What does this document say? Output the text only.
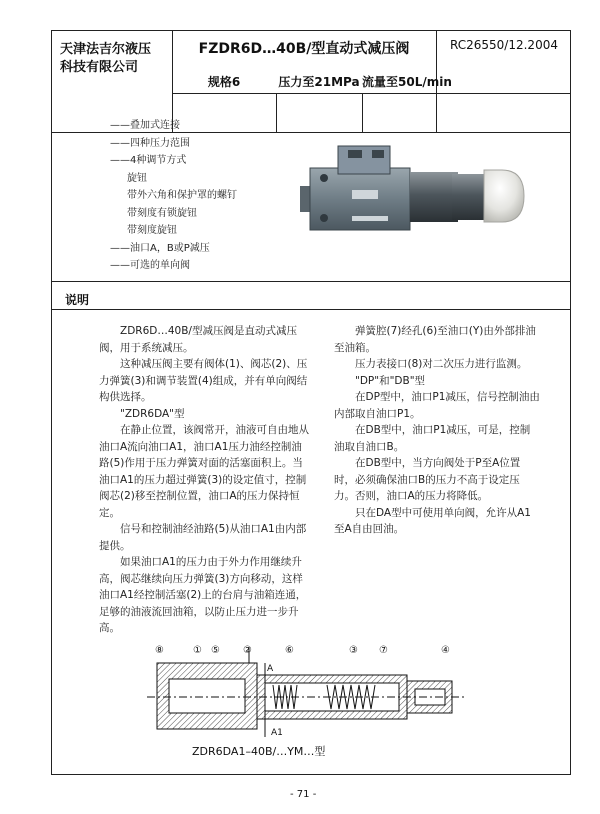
天津法吉尔液压
科技有限公司
FZDR6D…40B/型直动式减压阀	RC26550/12.2004
规格6	压力至21MPa 流量至50L/min
——叠加式连接
——四种压力范围
——4种调节方式
旋钮
带外六角和保护罩的螺钉
带刻度有锁旋钮
带刻度旋钮
——油口A，B或P减压
——可选的单向阀
说明

ZDR6D…40B/型减压阀是直动式减压阀，用于系统减压。

这种减压阀主要有阀体(1)、阀芯(2)、压力弹簧(3)和调节装置(4)组成，并有单向阀结构供选择。

"ZDR6DA"型

在静止位置，该阀常开，油液可自由地从油口A流向油口A1，油口A1压力油经控制油路(5)作用于压力弹簧对面的活塞面积上。当油口A1的压力超过弹簧(3)的设定值寸，控制阀芯(2)移至控制位置，油口A的压力保持恒定。

信号和控制油经油路(5)从油口A1由内部提供。

如果油口A1的压力由于外力作用继续升高，阀芯继续向压力弹簧(3)方向移动，这样油口A1经控制活塞(2)上的台肩与油箱连通，足够的油液流回油箱，以防止压力进一步升高。

弹簧腔(7)经孔(6)至油口(Y)由外部排油至油箱。

压力表接口(8)对二次压力进行监测。

"DP"和"DB"型

在DP型中，油口P1减压，信号控制油由内部取自油口P1。

在DB型中，油口P1减压，可是，控制油取自油口B。

在DB型中，当方向阀处于P至A位置时，必须确保油口B的压力不高于设定压力。否则，油口A的压力将降低。

只在DA型中可使用单向阀，允许从A1至A自由回油。

⑧	① ⑤ ②	⑥	③ ⑦	④
A
A1
ZDR6DA1–40B/…YM…型
- 71 -
